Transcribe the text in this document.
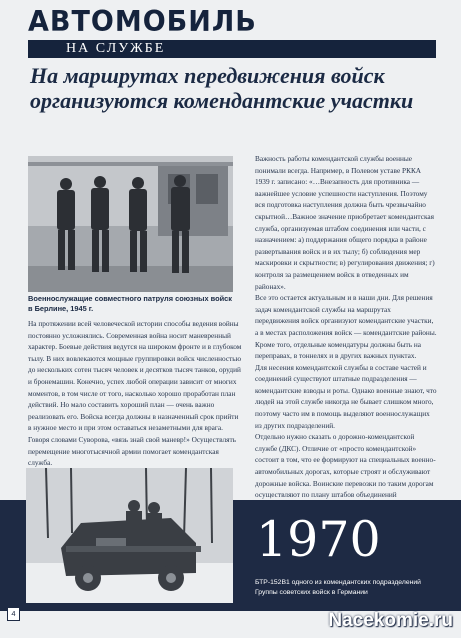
АВТОМОБИЛЬ
НА СЛУЖБЕ
На маршрутах передвижения войск организуются комендантские участки

Военнослужащие совместного патруля союзных войск в Берлине, 1945 г.

На протяжении всей человеческой истории способы ведения войны постоянно усложнялись. Современная война носит маневренный характер. Боевые действия ведутся на широком фронте и в глубоком тылу. В них вовлекаются мощные группировки войск численностью до нескольких сотен тысяч человек и десятков тысяч танков, орудий и бронемашин. Конечно, успех любой операции зависит от многих моментов, в том числе от того, насколько хорошо проработан план действий. Но мало составить хороший план — очень важно реализовать его. Войска всегда должны в назначенный срок прийти в нужное место и при этом оставаться незаметными для врага. Говоря словами Суворова, «вязь знай свой маневр!» Осуществлять перемещение многотысячной армии помогает комендантская служба.

Важность работы комендантской службы военные понимали всегда. Например, в Полевом уставе РККА 1939 г. записано: «…Внезапность для противника — важнейшее условие успешности наступления. Поэтому вся подготовка наступления должна быть чрезвычайно скрытной…Важное значение приобретает комендантская служба, организуемая штабом соединения или части, с назначением: а) поддержания общего порядка в районе развертывания войск и в их тылу; б) соблюдения мер маскировки и скрытности; в) регулирования движения; г) контроля за размещением войск в отведенных им районах».

Все это остается актуальным и в наши дни. Для решения задач комендантской службы на маршрутах передвижения войск организуют комендантские участки, а в местах расположения войск — комендантские районы. Кроме того, отдельные комендатуры должны быть на переправах, в тоннелях и в других важных пунктах.

Для несения комендантской службы в составе частей и соединений существуют штатные подразделения — комендантские взводы и роты. Однако военные знают, что людей на этой службе никогда не бывает слишком много, поэтому часто им в помощь выделяют военнослужащих из других подразделений.

Отдельно нужно сказать о дорожно-комендантской службе (ДКС). Отличие от «просто комендантской» состоит в том, что ее формируют на специальных военно-автомобильных дорогах, которые строят и обслуживают дорожные войска. Воинские перевозки по таким дорогам осуществляют по плану штабов объединений

1970

БТР-152В1 одного из комендантских подразделений Группы советских войск в Германии

4	Nacekomie.ru
